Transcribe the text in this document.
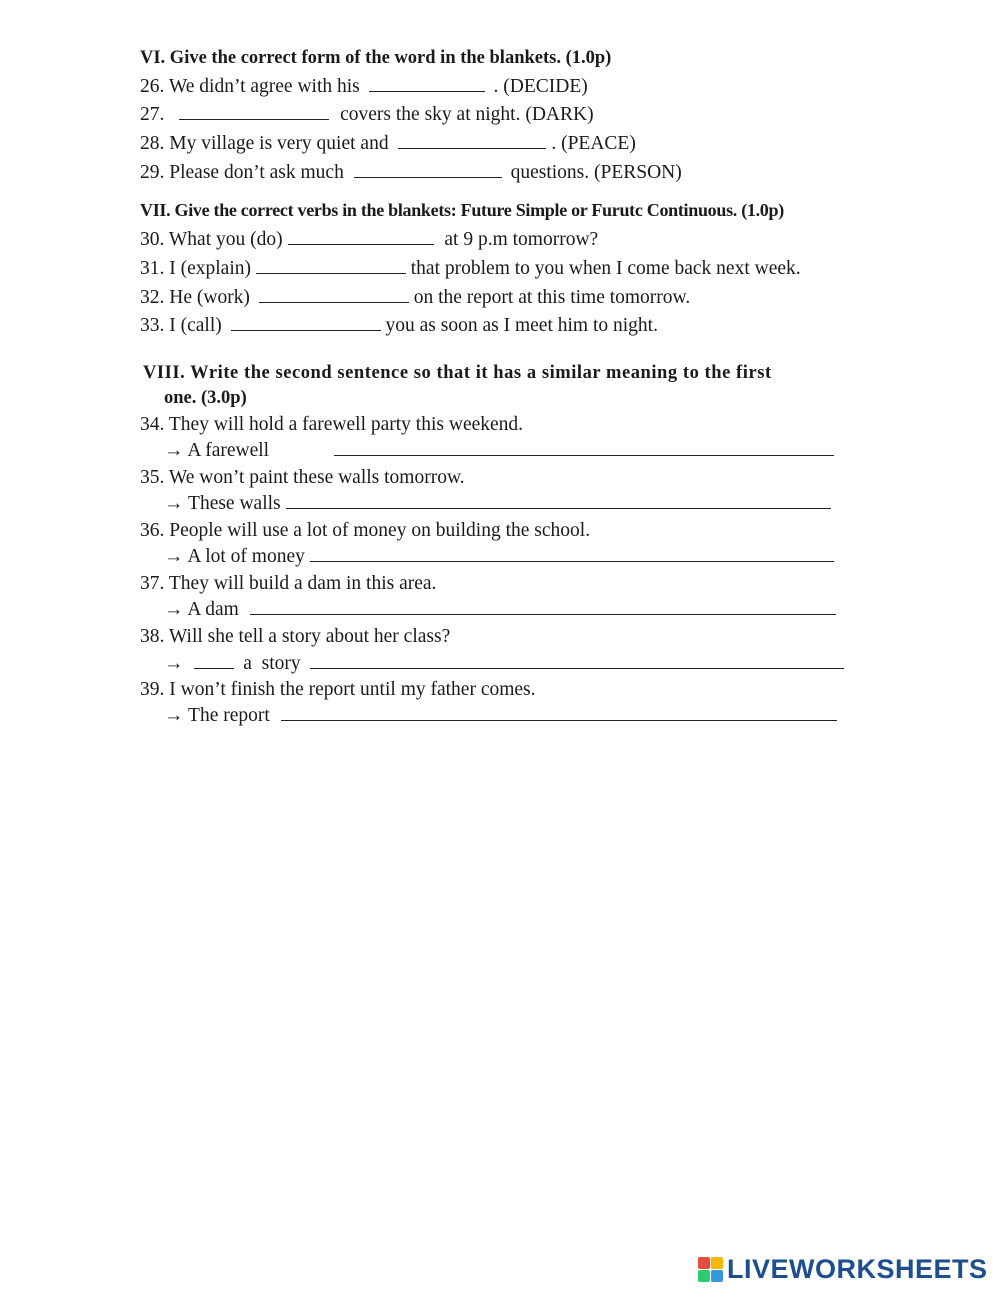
VI. Give the correct form of the word in the blankets. (1.0p)
26. We didn’t agree with his	. (DECIDE)
27.	covers the sky at night. (DARK)
28. My village is very quiet and	. (PEACE)
29. Please don’t ask much	questions. (PERSON)
VII. Give the correct verbs in the blankets: Future Simple or Furutc Continuous. (1.0p)
30. What you (do)	at 9 p.m tomorrow?
31. I (explain)	that problem to you when I come back next week.
32. He (work)	on the report at this time tomorrow.
33. I (call)	you as soon as I meet him to night.
VIII. Write the second sentence so that it has a similar meaning to the first
one. (3.0p)
34. They will hold a farewell party this weekend.
→ A farewell
35. We won’t paint these walls tomorrow.
→ These walls
36. People will use a lot of money on building the school.
→ A lot of money
37. They will build a dam in this area.
→ A dam
38. Will she tell a story about her class?
→	a  story
39. I won’t finish the report until my father comes.
→ The report
LIVEWORKSHEETS
